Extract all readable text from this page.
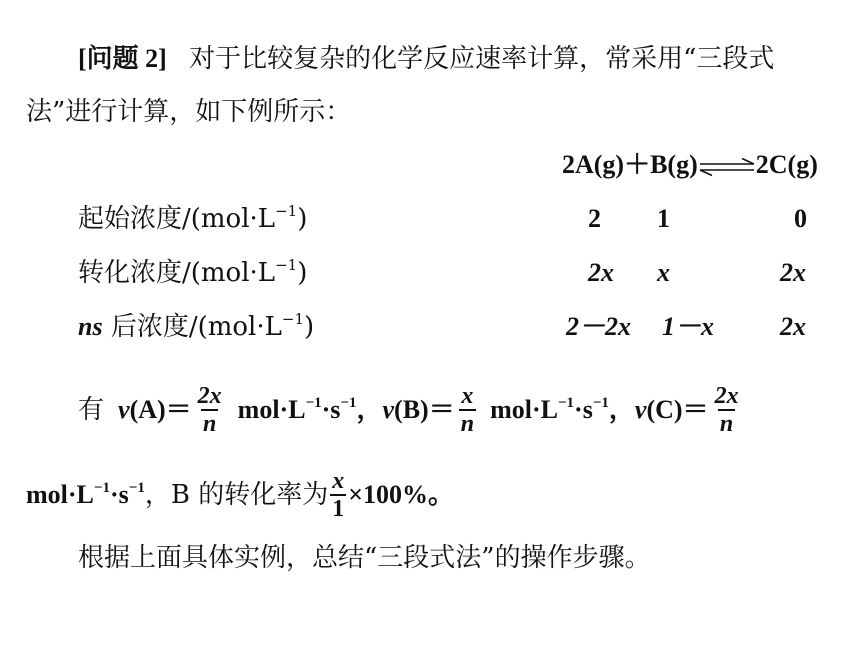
[问题 2] 对于比较复杂的化学反应速率计算，常采用“三段式
法”进行计算，如下例所示：
2A(g)＋B(g)⇌2C(g)
起始浓度$/(mol\cdot L^{-1})$	2 1	0
转化浓度$/(mol\cdot L^{-1})$	2x x	2x
ns 后浓度$/(mol\cdot L^{-1})$	2－2x 1－x	2x
有 $v(A)= \frac{2x}{n} mol\cdot L^{-1}\cdot s^{-1}$， $v(B)= \frac{x}{n} mol\cdot L^{-1}\cdot s^{-1}$， $v(C)= \frac{2x}{n}$
$mol\cdot L^{-1}\cdot s^{-1}$ ，B 的转化率为 $\frac{x}{1} \times 100\%$。
根据上面具体实例，总结“三段式法”的操作步骤。
